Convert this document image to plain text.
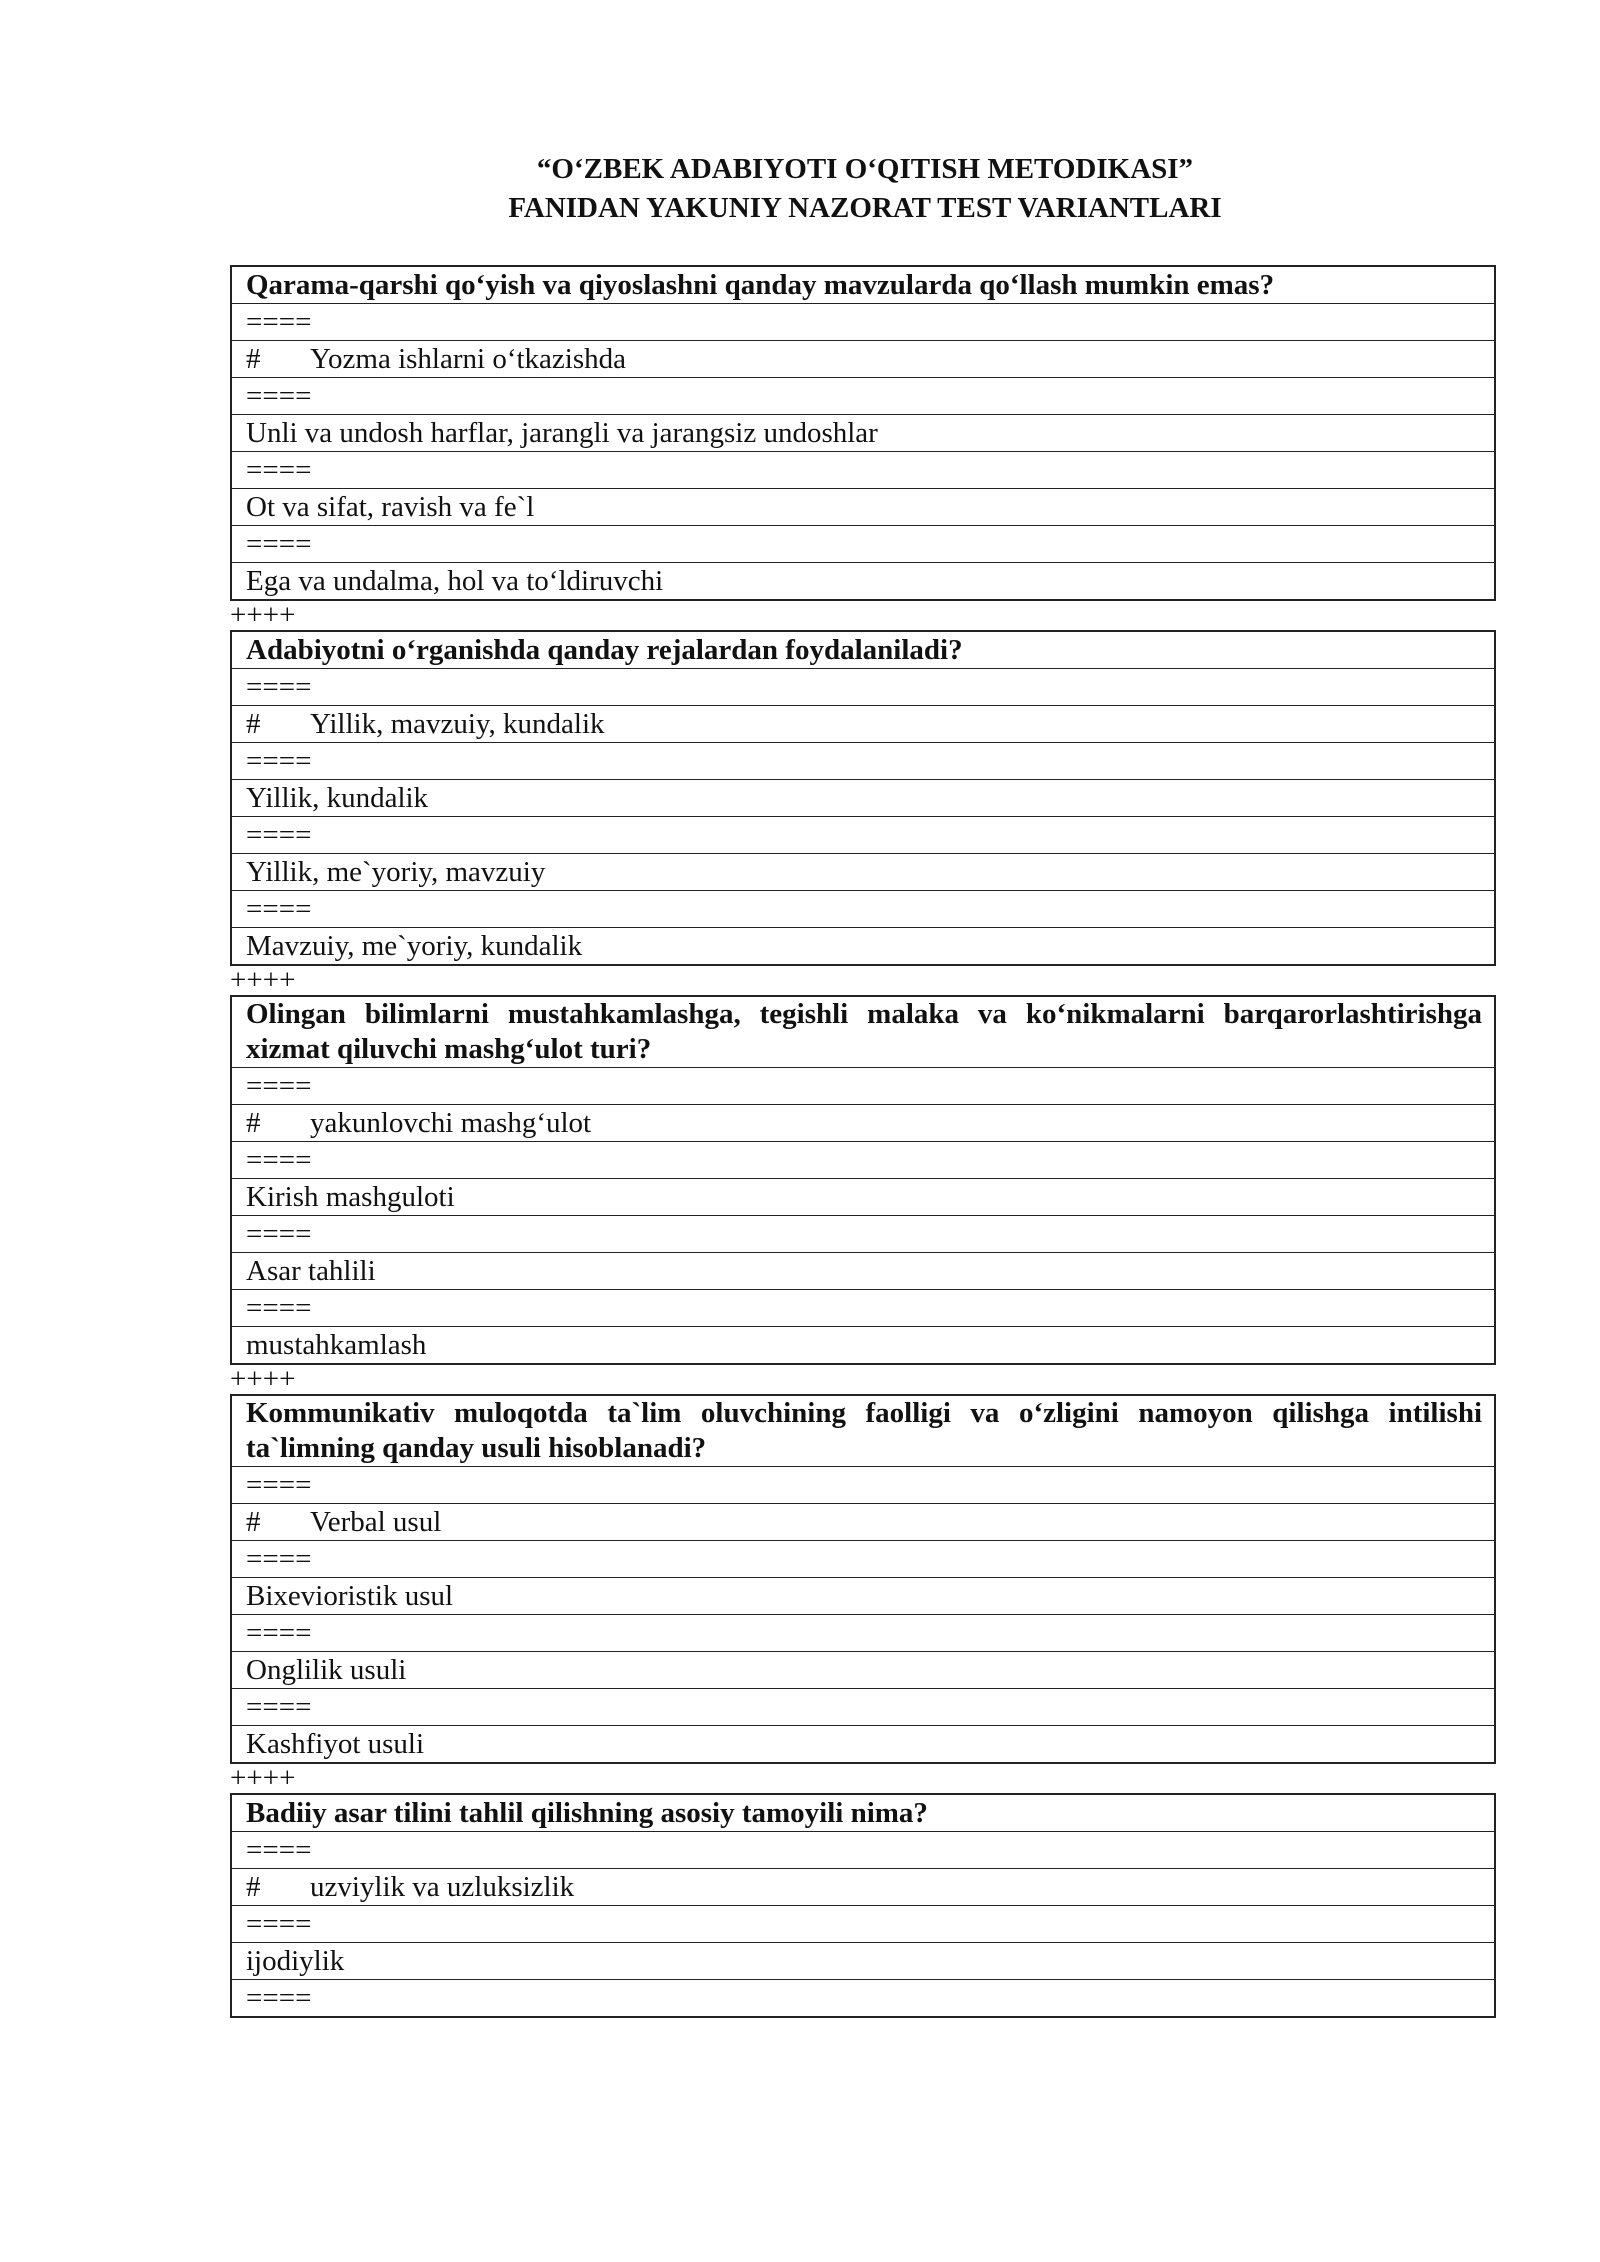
“O‘ZBEK ADABIYOTI O‘QITISH METODIKASI”
FANIDAN YAKUNIY NAZORAT TEST VARIANTLARI
Qarama-qarshi qo‘yish va qiyoslashni qanday mavzularda qo‘llash mumkin emas?
====
# Yozma ishlarni o‘tkazishda
====
Unli va undosh harflar, jarangli va jarangsiz undoshlar
====
Ot va sifat, ravish va fe`l
====
Ega va undalma, hol va to‘ldiruvchi
++++
Adabiyotni o‘rganishda qanday rejalardan foydalaniladi?
====
# Yillik, mavzuiy, kundalik
====
Yillik, kundalik
====
Yillik, me`yoriy, mavzuiy
====
Mavzuiy, me`yoriy, kundalik
++++
Olingan bilimlarni mustahkamlashga, tegishli malaka va ko‘nikmalarni barqarorlashtirishga xizmat qiluvchi mashg‘ulot turi?
====
# yakunlovchi mashg‘ulot
====
Kirish mashguloti
====
Asar tahlili
====
mustahkamlash
++++
Kommunikativ muloqotda ta`lim oluvchining faolligi va o‘zligini namoyon qilishga intilishi ta`limning qanday usuli hisoblanadi?
====
# Verbal usul
====
Bixevioristik usul
====
Onglilik usuli
====
Kashfiyot usuli
++++
Badiiy asar tilini tahlil qilishning asosiy tamoyili nima?
====
# uzviylik va uzluksizlik
====
ijodiylik
====
